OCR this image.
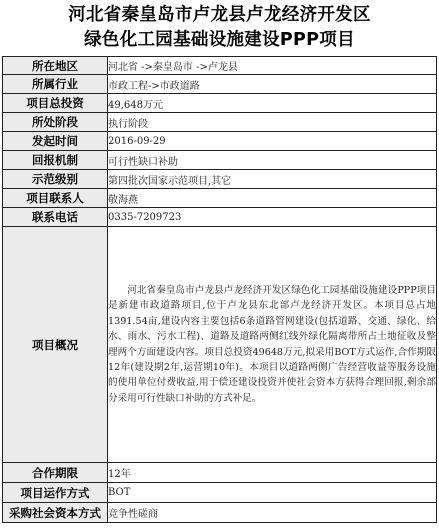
河北省秦皇岛市卢龙县卢龙经济开发区
绿色化工园基础设施建设PPP项目
所在地区	河北省 ->秦皇岛市 ->卢龙县
所属行业	市政工程->市政道路
项目总投资	49,648万元
所处阶段	执行阶段
发起时间	2016-09-29
回报机制	可行性缺口补助
示范级别	第四批次国家示范项目,其它
项目联系人	敬海燕
联系电话	0335-7209723
项目概况	河北省秦皇岛市卢龙县卢龙经济开发区绿色化工园基础设施建设PPP项目是新建市政道路项目,位于卢龙县东北部卢龙经济开发区。本项目总占地1391.54亩,建设内容主要包括6条道路管网建设(包括道路、交通、绿化、给水、雨水、污水工程)、道路及道路两侧红线外绿化隔离带所占土地征收及整理两个方面建设内容。项目总投资49648万元,拟采用BOT方式运作,合作期限12年(建设期2年,运营期10年)。本项目以道路两侧广告经营收益等服务设施的使用单位付费收益,用于偿还建设投资并使社会资本方获得合理回报,剩余部分采用可行性缺口补助的方式补足。
合作期限	12年
项目运作方式	BOT
采购社会资本方式	竞争性磋商
